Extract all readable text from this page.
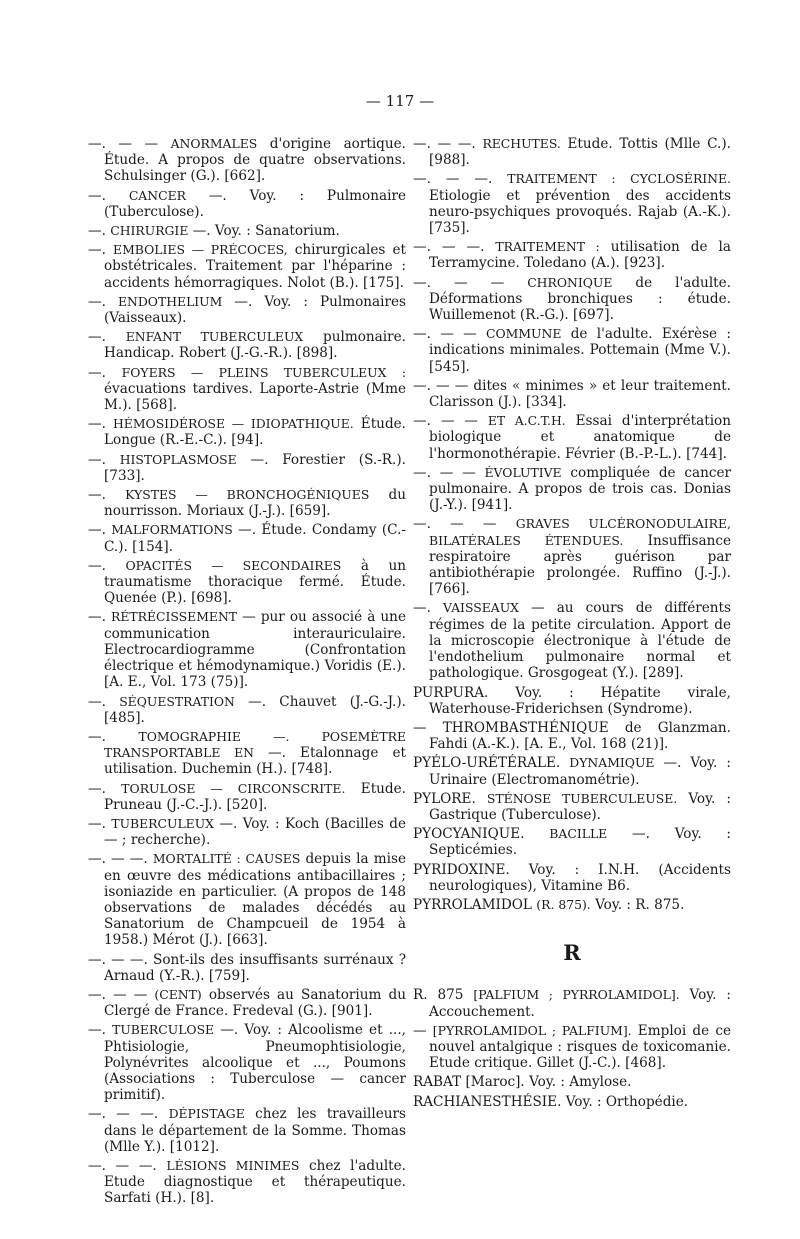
— 117 —

—. — — ANORMALES d'origine aortique. Étude. A propos de quatre observations. Schulsinger (G.). [662].

—. CANCER —. Voy. : Pulmonaire (Tuberculose).

—. CHIRURGIE —. Voy. : Sanatorium.

—. EMBOLIES — PRÉCOCES, chirurgicales et obstétricales. Traitement par l'héparine : accidents hémorragiques. Nolot (B.). [175].

—. ENDOTHELIUM —. Voy. : Pulmonaires (Vaisseaux).

—. ENFANT TUBERCULEUX pulmonaire. Handicap. Robert (J.-G.-R.). [898].

—. FOYERS — PLEINS TUBERCULEUX : évacuations tardives. Laporte-Astrie (Mme M.). [568].

—. HÉMOSIDÉROSE — IDIOPATHIQUE. Étude. Longue (R.-E.-C.). [94].

—. HISTOPLASMOSE —. Forestier (S.-R.). [733].

—. KYSTES — BRONCHOGÉNIQUES du nourrisson. Moriaux (J.-J.). [659].

—. MALFORMATIONS —. Étude. Condamy (C.-C.). [154].

—. OPACITÉS — SECONDAIRES à un traumatisme thoracique fermé. Étude. Quenée (P.). [698].

—. RÉTRÉCISSEMENT — pur ou associé à une communication interauriculaire. Electrocardiogramme (Confrontation électrique et hémodynamique.) Voridis (E.). [A. E., Vol. 173 (75)].

—. SÉQUESTRATION —. Chauvet (J.-G.-J.). [485].

—.	TOMOGRAPHIE —. POSEMÈTRE TRANSPORTABLE EN —. Etalonnage et utilisation. Duchemin (H.). [748].

—. TORULOSE — CIRCONSCRITE. Etude. Pruneau (J.-C.-J.). [520].

—. TUBERCULEUX —. Voy. : Koch (Bacilles de — ; recherche).

—. — —. MORTALITÉ : CAUSES depuis la mise en œuvre des médications antibacillaires ; isoniazide en particulier. (A propos de 148 observations de malades décédés au Sanatorium de Champcueil de 1954 à 1958.) Mérot (J.). [663].

—. — —. Sont-ils des insuffisants surrénaux ? Arnaud (Y.-R.). [759].

—. — — (CENT) observés au Sanatorium du Clergé de France. Fredeval (G.). [901].

—. TUBERCULOSE —. Voy. : Alcoolisme et ..., Phtisiologie, Pneumophtisiologie, Polynévrites alcoolique et ..., Poumons (Associations : Tuberculose — cancer primitif).

—. — —. DÉPISTAGE chez les travailleurs dans le département de la Somme. Thomas (Mlle Y.). [1012].

—. — —. LÉSIONS MINIMES chez l'adulte. Etude diagnostique et thérapeutique. Sarfati (H.). [8].

—. — —. RECHUTES. Etude. Tottis (Mlle C.). [988].

—. — —. TRAITEMENT : CYCLOSÉRINE. Etiologie et prévention des accidents neuro-psychiques provoqués. Rajab (A.-K.). [735].

—. — —. TRAITEMENT : utilisation de la Terramycine. Toledano (A.). [923].

—. — — CHRONIQUE de l'adulte. Déformations bronchiques : étude. Wuillemenot (R.-G.). [697].

—. — — COMMUNE de l'adulte. Exérèse : indications minimales. Pottemain (Mme V.). [545].

—. — — dites « minimes » et leur traitement. Clarisson (J.). [334].

—. — — ET A.C.T.H. Essai d'interprétation biologique et anatomique de l'hormonothérapie. Février (B.-P.-L.). [744].

—. — — ÉVOLUTIVE compliquée de cancer pulmonaire. A propos de trois cas. Donias (J.-Y.). [941].

—. — — GRAVES ULCÉRONODULAIRE, BILATÉRALES ÉTENDUES. Insuffisance respiratoire après guérison par antibiothérapie prolongée. Ruffino (J.-J.). [766].

—. VAISSEAUX — au cours de différents régimes de la petite circulation. Apport de la microscopie électronique à l'étude de l'endothelium pulmonaire normal et pathologique. Grosgogeat (Y.). [289].

PURPURA. Voy. : Hépatite virale, Waterhouse-Friderichsen (Syndrome).

— THROMBASTHÉNIQUE de Glanzman. Fahdi (A.-K.). [A. E., Vol. 168 (21)].

PYÉLO-URÉTÉRALE. DYNAMIQUE —. Voy. : Urinaire (Electromanométrie).

PYLORE. STÉNOSE TUBERCULEUSE. Voy. : Gastrique (Tuberculose).

PYOCYANIQUE. BACILLE —. Voy. : Septicémies.

PYRIDOXINE. Voy. : I.N.H. (Accidents neurologiques), Vitamine B6.

PYRROLAMIDOL (R. 875). Voy. : R. 875.

R

R. 875 [PALFIUM ; PYRROLAMIDOL]. Voy. : Accouchement.

— [PYRROLAMIDOL ; PALFIUM]. Emploi de ce nouvel antalgique : risques de toxicomanie. Etude critique. Gillet (J.-C.). [468].

RABAT [Maroc]. Voy. : Amylose.

RACHIANESTHÉSIE. Voy. : Orthopédie.
